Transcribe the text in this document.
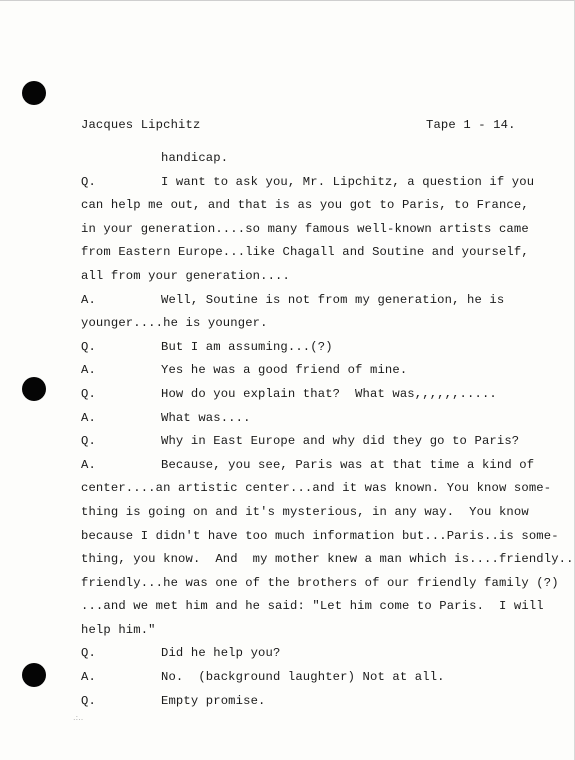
Jacques Lipchitz	Tape 1 - 14.
handicap.
Q.	I want to ask you, Mr. Lipchitz, a question if you
can help me out, and that is as you got to Paris, to France,
in your generation....so many famous well-known artists came
from Eastern Europe...like Chagall and Soutine and yourself,
all from your generation....
A.	Well, Soutine is not from my generation, he is
younger....he is younger.
Q.	But I am assuming...(?)
A.	Yes he was a good friend of mine.
Q.	How do you explain that?  What was,,,,,,.....
A.	What was....
Q.	Why in East Europe and why did they go to Paris?
A.	Because, you see, Paris was at that time a kind of
center....an artistic center...and it was known. You know some-
thing is going on and it's mysterious, in any way.  You know
because I didn't have too much information but...Paris..is some-
thing, you know.  And  my mother knew a man which is....friendly..
friendly...he was one of the brothers of our friendly family (?)
...and we met him and he said: "Let him come to Paris.  I will
help him."
Q.	Did he help you?
A.	No.  (background laughter) Not at all.
Q.	Empty promise.
.:..
